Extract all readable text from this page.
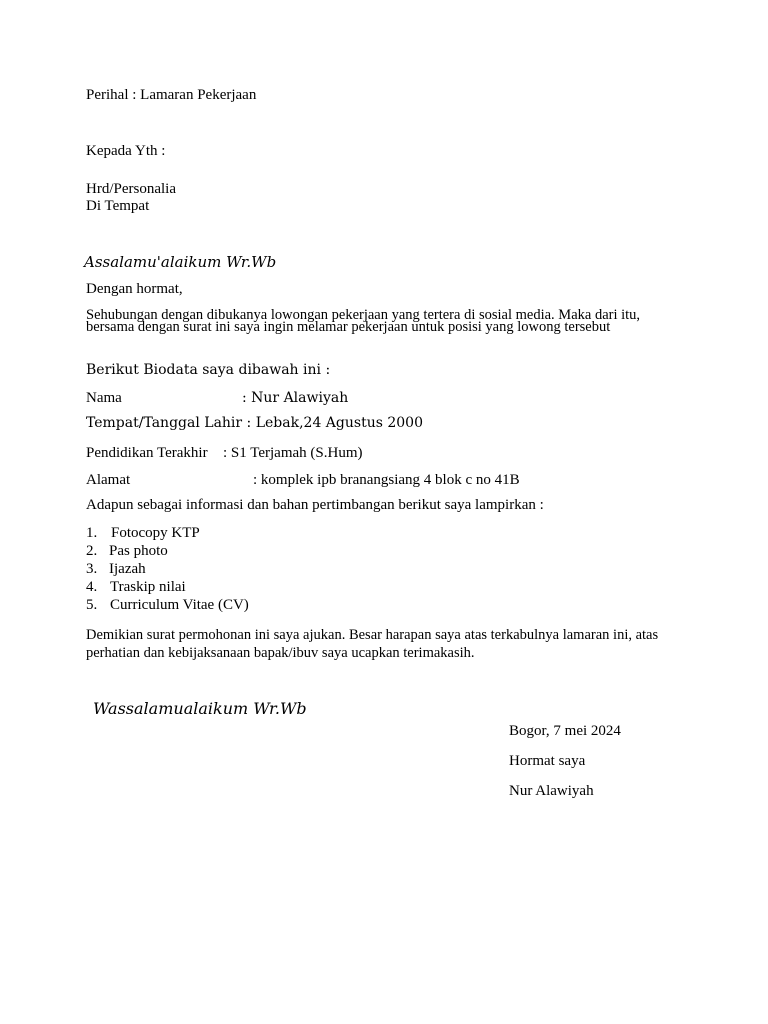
Perihal : Lamaran Pekerjaan
Kepada Yth :
Hrd/Personalia
Di Tempat
Assalamu'alaikum Wr.Wb
Dengan hormat,
Sehubungan dengan dibukanya lowongan pekerjaan yang tertera di sosial media. Maka dari itu, bersama dengan surat ini saya ingin melamar pekerjaan untuk posisi yang lowong tersebut
Berikut Biodata saya dibawah ini :
Nama	: Nur Alawiyah
Tempat/Tanggal Lahir : Lebak,24 Agustus 2000
Pendidikan Terakhir : S1 Terjamah (S.Hum)
Alamat	: komplek ipb branangsiang 4 blok c no 41B
Adapun sebagai informasi dan bahan pertimbangan berikut saya lampirkan :
1. Fotocopy KTP
2. Pas photo
3. Ijazah
4. Traskip nilai
5. Curriculum Vitae (CV)
Demikian surat permohonan ini saya ajukan. Besar harapan saya atas terkabulnya lamaran ini, atas perhatian dan kebijaksanaan bapak/ibuv saya ucapkan terimakasih.
Wassalamualaikum Wr.Wb
Bogor, 7 mei 2024
Hormat saya
Nur Alawiyah
